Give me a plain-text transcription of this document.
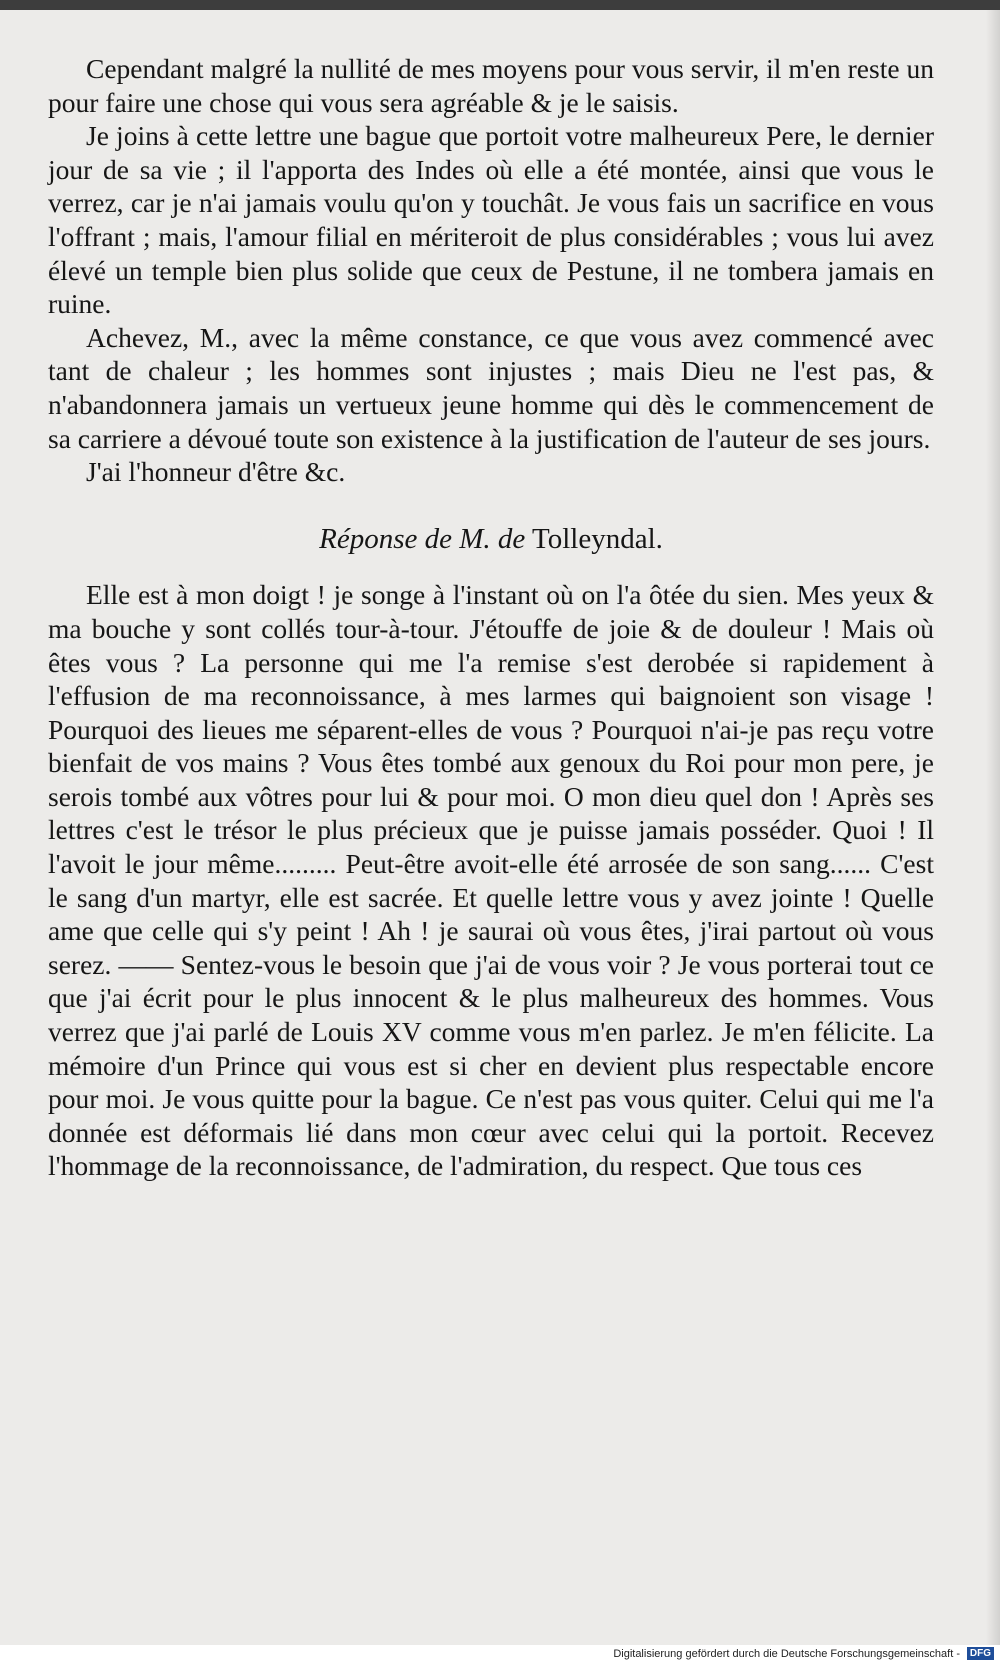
Cependant malgré la nullité de mes moyens pour vous servir, il m'en reste un pour faire une chose qui vous sera agréable & je le saisis.

Je joins à cette lettre une bague que portoit votre malheureux Pere, le dernier jour de sa vie ; il l'apporta des Indes où elle a été montée, ainsi que vous le verrez, car je n'ai jamais voulu qu'on y touchât. Je vous fais un sacrifice en vous l'offrant ; mais, l'amour filial en mériteroit de plus considérables ; vous lui avez élevé un temple bien plus solide que ceux de Pestune, il ne tombera jamais en ruine.

Achevez, M., avec la même constance, ce que vous avez commencé avec tant de chaleur ; les hommes sont injustes ; mais Dieu ne l'est pas, & n'abandonnera jamais un vertueux jeune homme qui dès le commencement de sa carriere a dévoué toute son existence à la justification de l'auteur de ses jours.

J'ai l'honneur d'être &c.

Réponse de M. de Tolleyndal.

Elle est à mon doigt ! je songe à l'instant où on l'a ôtée du sien. Mes yeux & ma bouche y sont collés tour-à-tour. J'étouffe de joie & de douleur ! Mais où êtes vous ? La personne qui me l'a remise s'est derobée si rapidement à l'effusion de ma reconnoissance, à mes larmes qui baignoient son visage ! Pourquoi des lieues me séparent-elles de vous ? Pourquoi n'ai-je pas reçu votre bienfait de vos mains ? Vous êtes tombé aux genoux du Roi pour mon pere, je serois tombé aux vôtres pour lui & pour moi. O mon dieu quel don ! Après ses lettres c'est le trésor le plus précieux que je puisse jamais posséder. Quoi ! Il l'avoit le jour même......... Peut-être avoit-elle été arrosée de son sang...... C'est le sang d'un martyr, elle est sacrée. Et quelle lettre vous y avez jointe ! Quelle ame que celle qui s'y peint ! Ah ! je saurai où vous êtes, j'irai partout où vous serez. —— Sentez-vous le besoin que j'ai de vous voir ? Je vous porterai tout ce que j'ai écrit pour le plus innocent & le plus malheureux des hommes. Vous verrez que j'ai parlé de Louis XV comme vous m'en parlez. Je m'en félicite. La mémoire d'un Prince qui vous est si cher en devient plus respectable encore pour moi. Je vous quitte pour la bague. Ce n'est pas vous quiter. Celui qui me l'a donnée est déformais lié dans mon cœur avec celui qui la portoit. Recevez l'hommage de la reconnoissance, de l'admiration, du respect. Que tous ces

Digitalisierung gefördert durch die Deutsche Forschungsgemeinschaft - DFG
